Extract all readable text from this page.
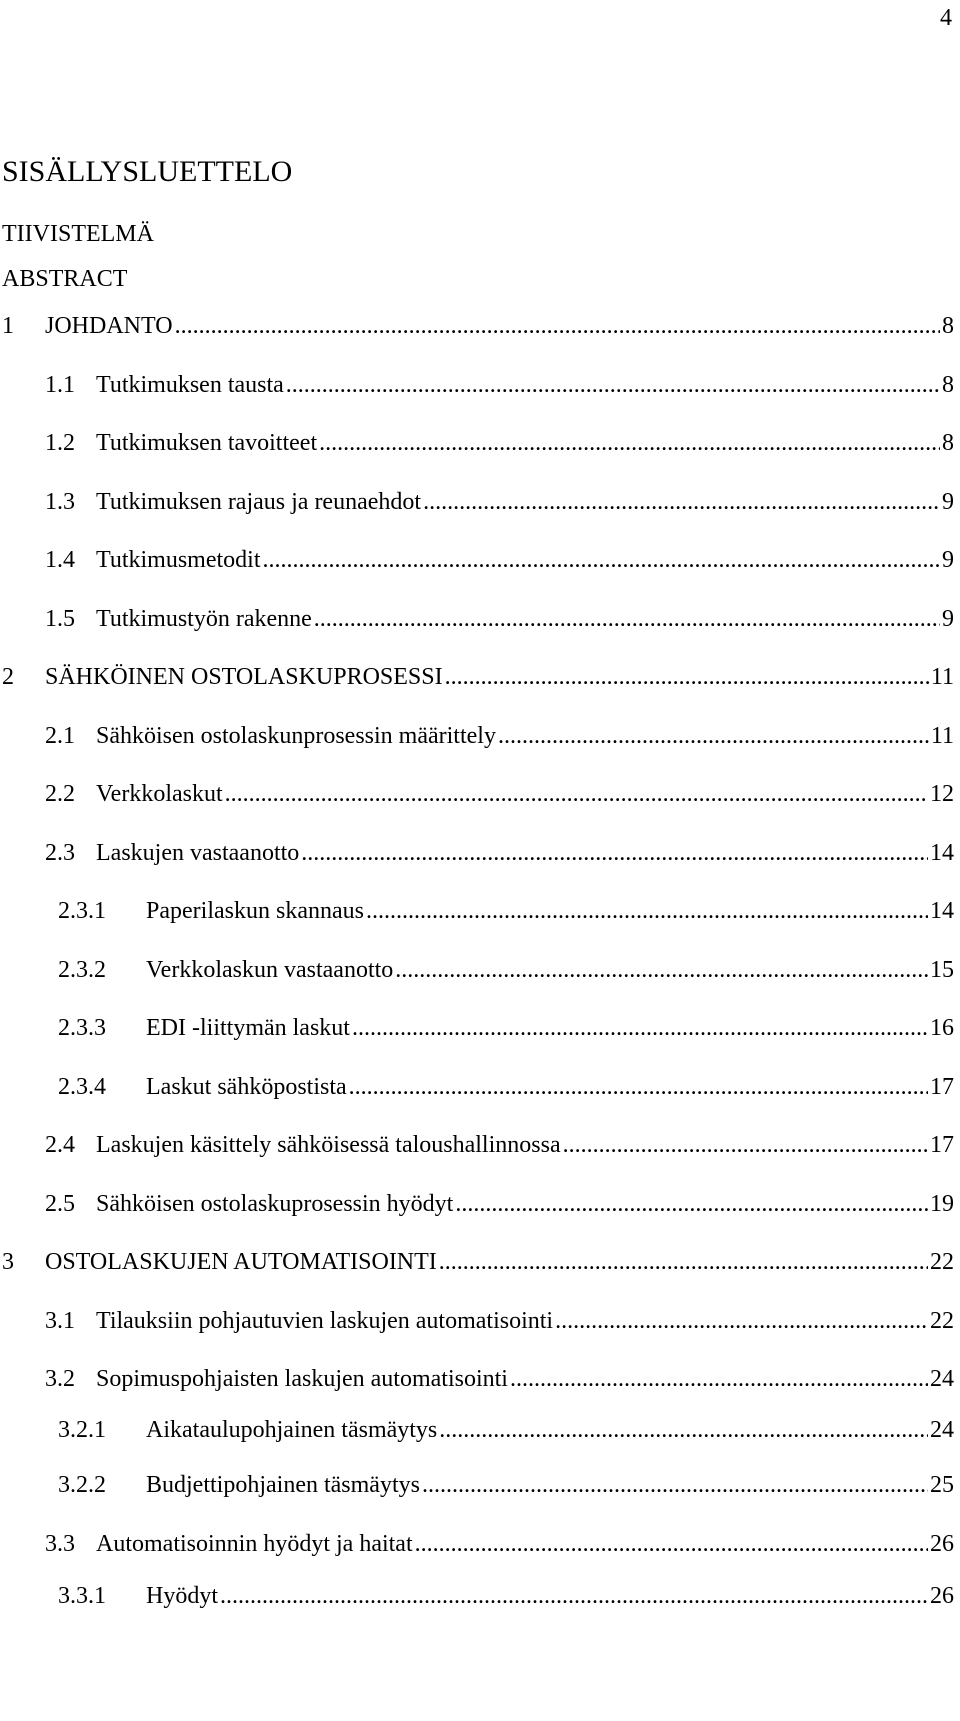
4
SISÄLLYSLUETTELO
TIIVISTELMÄ
ABSTRACT
1 JOHDANTO .....	8
1.1 Tutkimuksen tausta .....	8
1.2 Tutkimuksen tavoitteet .....	8
1.3 Tutkimuksen rajaus ja reunaehdot .....	9
1.4 Tutkimusmetodit .....	9
1.5 Tutkimustyön rakenne .....	9
2 SÄHKÖINEN OSTOLASKUPROSESSI .....	11
2.1 Sähköisen ostolaskunprosessin määrittely .....	11
2.2 Verkkolaskut .....	12
2.3 Laskujen vastaanotto .....	14
2.3.1 Paperilaskun skannaus .....	14
2.3.2 Verkkolaskun vastaanotto .....	15
2.3.3 EDI -liittymän laskut .....	16
2.3.4 Laskut sähköpostista .....	17
2.4 Laskujen käsittely sähköisessä taloushallinnossa .....	17
2.5 Sähköisen ostolaskuprosessin hyödyt .....	19
3 OSTOLASKUJEN AUTOMATISOINTI .....	22
3.1 Tilauksiin pohjautuvien laskujen automatisointi .....	22
3.2 Sopimuspohjaisten laskujen automatisointi .....	24
3.2.1 Aikataulupohjainen täsmäytys .....	24
3.2.2 Budjettipohjainen täsmäytys .....	25
3.3 Automatisoinnin hyödyt ja haitat .....	26
3.3.1 Hyödyt .....	26
